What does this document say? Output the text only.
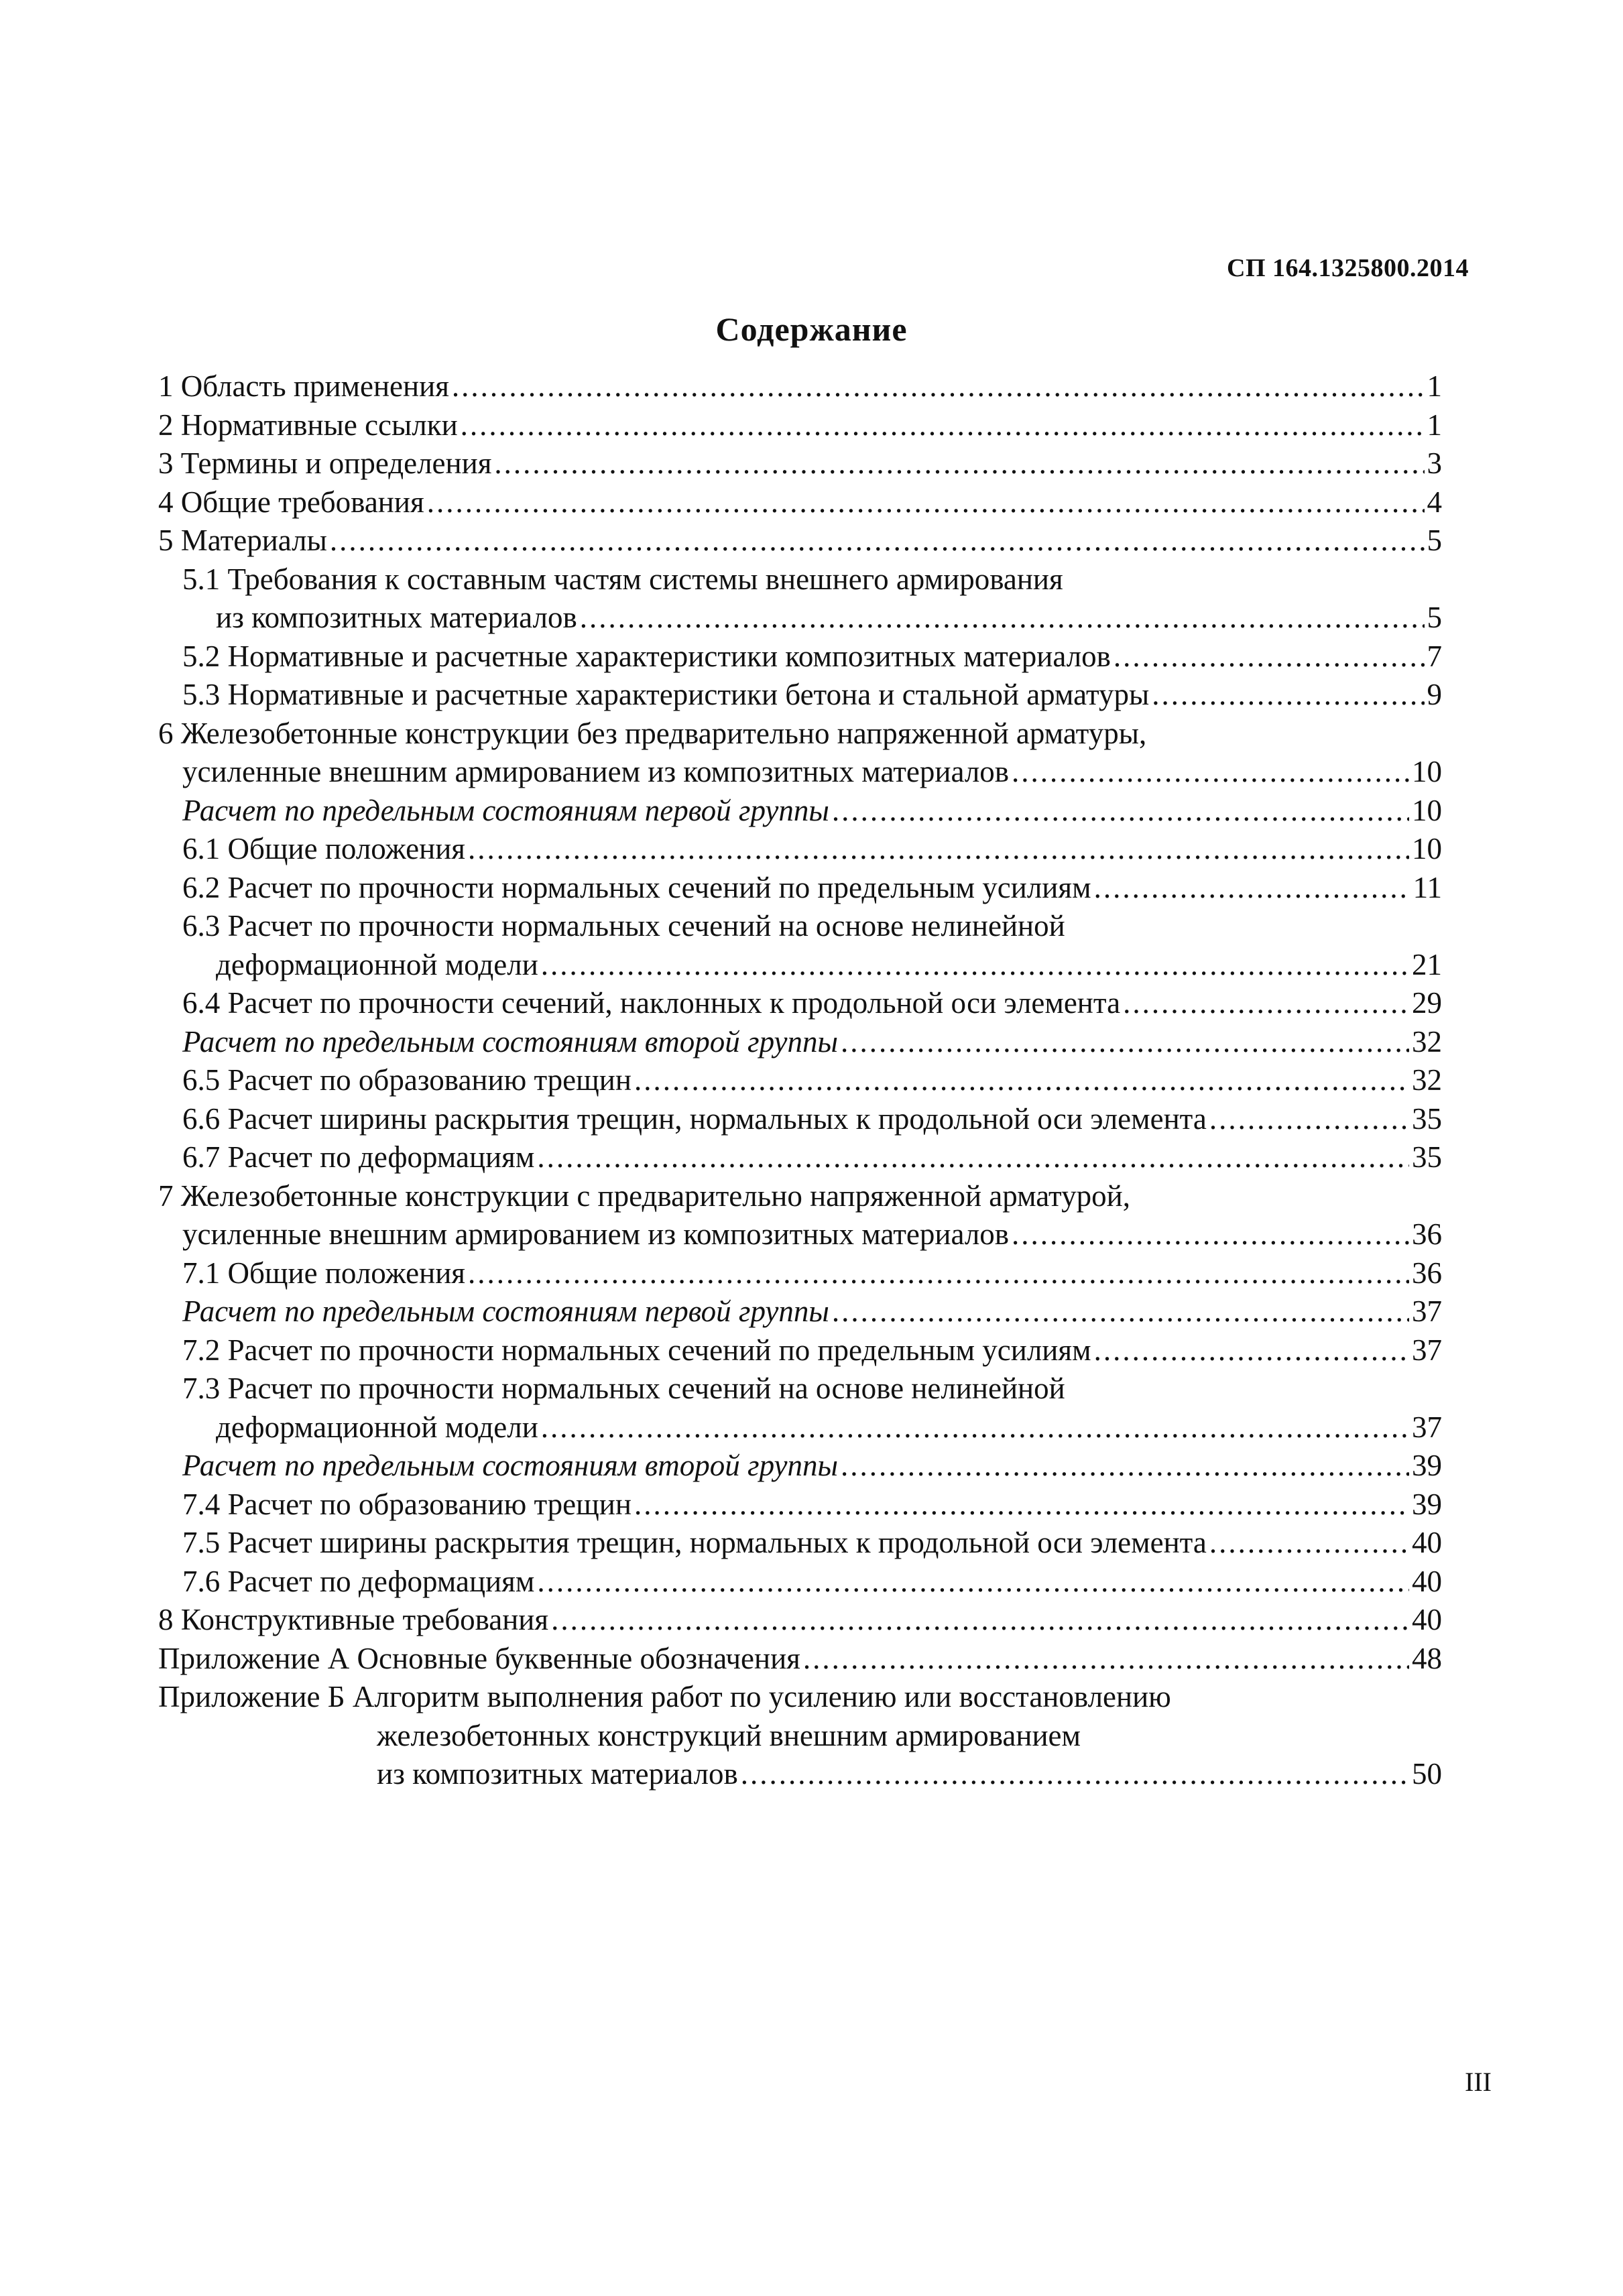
СП 164.1325800.2014
Содержание
1 Область применения .....	1
2 Нормативные ссылки .....	1
3 Термины и определения .....	3
4 Общие требования .....	4
5 Материалы .....	5
5.1 Требования к составным частям системы внешнего армирования
из композитных материалов .....	5
5.2 Нормативные и расчетные характеристики композитных материалов .....	7
5.3 Нормативные и расчетные характеристики бетона и стальной арматуры .....	9
6 Железобетонные конструкции без предварительно напряженной арматуры,
усиленные внешним армированием из композитных материалов .....	10
Расчет по предельным состояниям первой группы .....	10
6.1 Общие положения .....	10
6.2 Расчет по прочности нормальных сечений по предельным усилиям .....	11
6.3 Расчет по прочности нормальных сечений на основе нелинейной
деформационной модели .....	21
6.4 Расчет по прочности сечений, наклонных к продольной оси элемента .....	29
Расчет по предельным состояниям второй группы .....	32
6.5 Расчет по образованию трещин .....	32
6.6 Расчет ширины раскрытия трещин, нормальных к продольной оси элемента .....	35
6.7 Расчет по деформациям .....	35
7 Железобетонные конструкции с предварительно напряженной арматурой,
усиленные внешним армированием из композитных материалов .....	36
7.1 Общие положения .....	36
Расчет по предельным состояниям первой группы .....	37
7.2 Расчет по прочности нормальных сечений по предельным усилиям .....	37
7.3 Расчет по прочности нормальных сечений на основе нелинейной
деформационной модели .....	37
Расчет по предельным состояниям второй группы .....	39
7.4 Расчет по образованию трещин .....	39
7.5 Расчет ширины раскрытия трещин, нормальных к продольной оси элемента .....	40
7.6 Расчет по деформациям .....	40
8 Конструктивные требования .....	40
Приложение А Основные буквенные обозначения .....	48
Приложение Б Алгоритм выполнения работ по усилению или восстановлению
железобетонных конструкций внешним армированием
из композитных материалов .....	50
III
